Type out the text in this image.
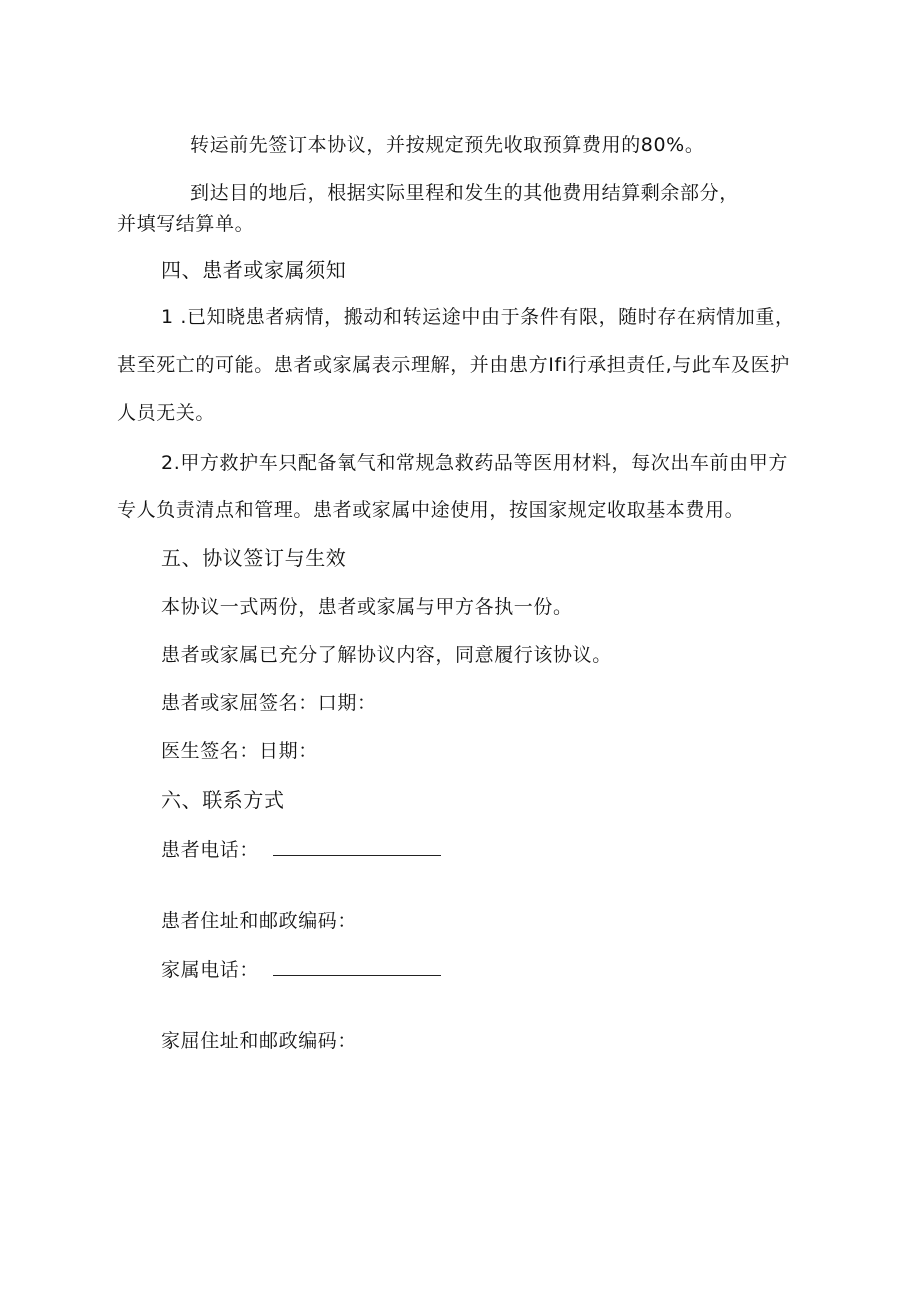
转运前先签订本协议，并按规定预先收取预算费用的80%。
到达目的地后，根据实际里程和发生的其他费用结算剩余部分，
并填写结算单。
四、患者或家属须知
1 .已知晓患者病情，搬动和转运途中由于条件有限，随时存在病情加重，
甚至死亡的可能。患者或家属表示理解，并由患方Ifi行承担责任,与此车及医护
人员无关。
2.甲方救护车只配备氧气和常规急救药品等医用材料，每次出车前由甲方
专人负责清点和管理。患者或家属中途使用，按国家规定收取基本费用。
五、协议签订与生效
本协议一式两份，患者或家属与甲方各执一份。
患者或家属已充分了解协议内容，同意履行该协议。
患者或家屈签名：口期：
医生签名：日期：
六、联系方式
患者电话：
患者住址和邮政编码：
家属电话：
家屈住址和邮政编码：
